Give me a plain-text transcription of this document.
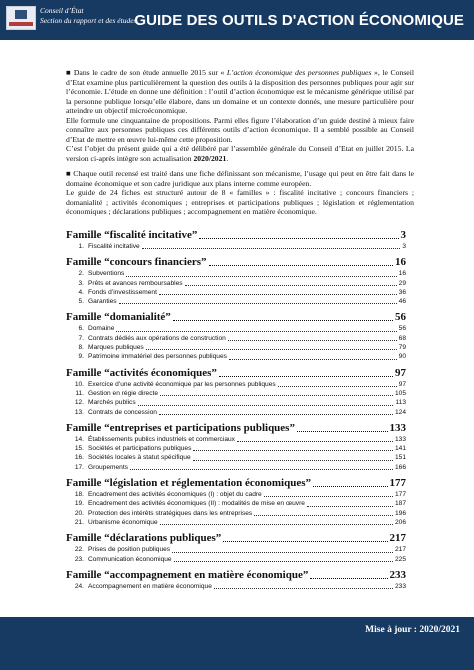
Conseil d’État
Section du rapport et des études
GUIDE DES OUTILS D'ACTION ÉCONOMIQUE

■ Dans le cadre de son étude annuelle 2015 sur « L’action économique des personnes publiques », le Conseil d’Etat examine plus particulièrement la question des outils à la disposition des personnes publiques pour agir sur l’économie. L’étude en donne une définition : l’outil d’action économique est le mécanisme générique utilisé par la personne publique lorsqu’elle élabore, dans un domaine et un contexte donnés, une mesure particulière pour atteindre un objectif microéconomique.

Elle formule une cinquantaine de propositions. Parmi elles figure l’élaboration d’un guide destiné à mieux faire connaître aux personnes publiques ces différents outils d’action économique. Il a semblé possible au Conseil d’Etat de mettre en œuvre lui-même cette proposition.

C’est l’objet du présent guide qui a été délibéré par l’assemblée générale du Conseil d’Etat en juillet 2015. La version ci-après intègre son actualisation 2020/2021.

■ Chaque outil recensé est traité dans une fiche définissant son mécanisme, l’usage qui peut en être fait dans le domaine économique et son cadre juridique aux plans interne comme européen.

Le guide de 24 fiches est structuré autour de 8 « familles » : fiscalité incitative ; concours financiers ; domanialité ; activités économiques ; entreprises et participations publiques ; législation et réglementation économiques ; déclarations publiques ; accompagnement en matière économique.

Famille “fiscalité incitative”	3
1. Fiscalité incitative	3
Famille “concours financiers”	16
2. Subventions	16
3. Prêts et avances remboursables	29
4. Fonds d’investissement	36
5. Garanties	46
Famille “domanialité”	56
6. Domaine	56
7. Contrats dédiés aux opérations de construction	68
8. Marques publiques	79
9. Patrimoine immatériel des personnes publiques	90
Famille “activités économiques”	97
10. Exercice d’une activité économique par les personnes publiques	97
11. Gestion en régie directe	105
12. Marchés publics	113
13. Contrats de concession	124
Famille “entreprises et participations publiques”	133
14. Établissements publics industriels et commerciaux	133
15. Sociétés et participations publiques	141
16. Sociétés locales à statut spécifique	151
17. Groupements	166
Famille “législation et réglementation économiques”	177
18. Encadrement des activités économiques (I) : objet du cadre	177
19. Encadrement des activités économiques (II) : modalités de mise en œuvre	187
20. Protection des intérêts stratégiques dans les entreprises	196
21. Urbanisme économique	206
Famille “déclarations publiques”	217
22. Prises de position publiques	217
23. Communication économique	225
Famille “accompagnement en matière économique”	233
24. Accompagnement en matière économique	233
Mise à jour : 2020/2021
